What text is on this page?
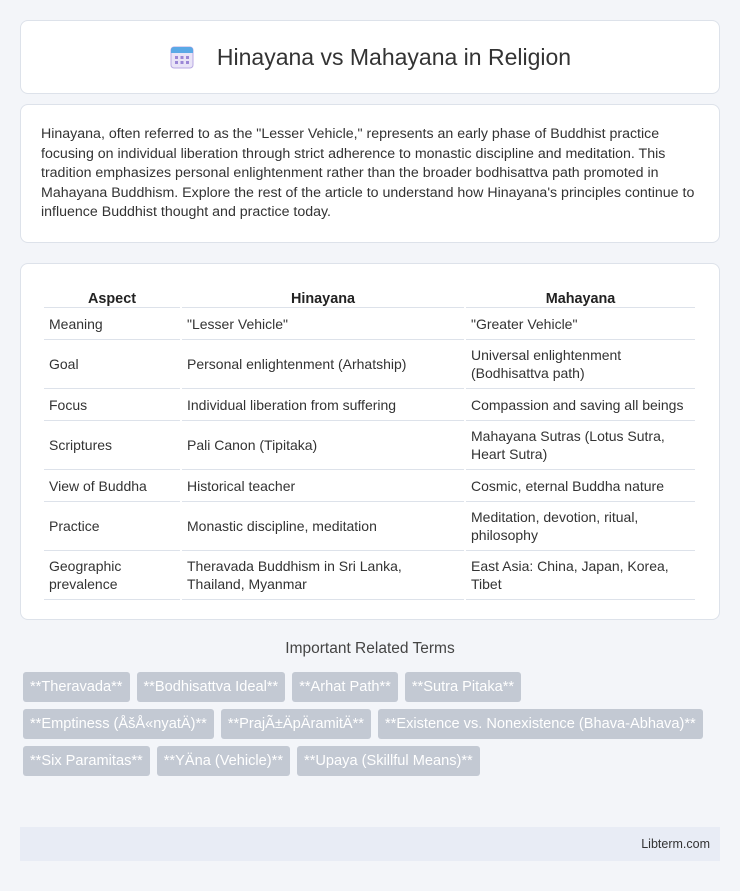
Hinayana vs Mahayana in Religion

Hinayana, often referred to as the "Lesser Vehicle," represents an early phase of Buddhist practice focusing on individual liberation through strict adherence to monastic discipline and meditation. This tradition emphasizes personal enlightenment rather than the broader bodhisattva path promoted in Mahayana Buddhism. Explore the rest of the article to understand how Hinayana's principles continue to influence Buddhist thought and practice today.

Aspect	Hinayana	Mahayana
Meaning	"Lesser Vehicle"	"Greater Vehicle"
Goal	Personal enlightenment (Arhatship)	Universal enlightenment (Bodhisattva path)
Focus	Individual liberation from suffering	Compassion and saving all beings
Scriptures	Pali Canon (Tipitaka)	Mahayana Sutras (Lotus Sutra, Heart Sutra)
View of Buddha	Historical teacher	Cosmic, eternal Buddha nature
Practice	Monastic discipline, meditation	Meditation, devotion, ritual, philosophy
Geographic prevalence	Theravada Buddhism in Sri Lanka, Thailand, Myanmar	East Asia: China, Japan, Korea, Tibet
Important Related Terms
**Theravada**	**Bodhisattva Ideal**	**Arhat Path**	**Sutra Pitaka**
**Emptiness (ÅšÅ«nyatÄ)**	**PrajÃ±ÄpÄramitÄ**	**Existence vs. Nonexistence (Bhava-Abhava)**
**Six Paramitas**	**YÄna (Vehicle)**	**Upaya (Skillful Means)**
Libterm.com
